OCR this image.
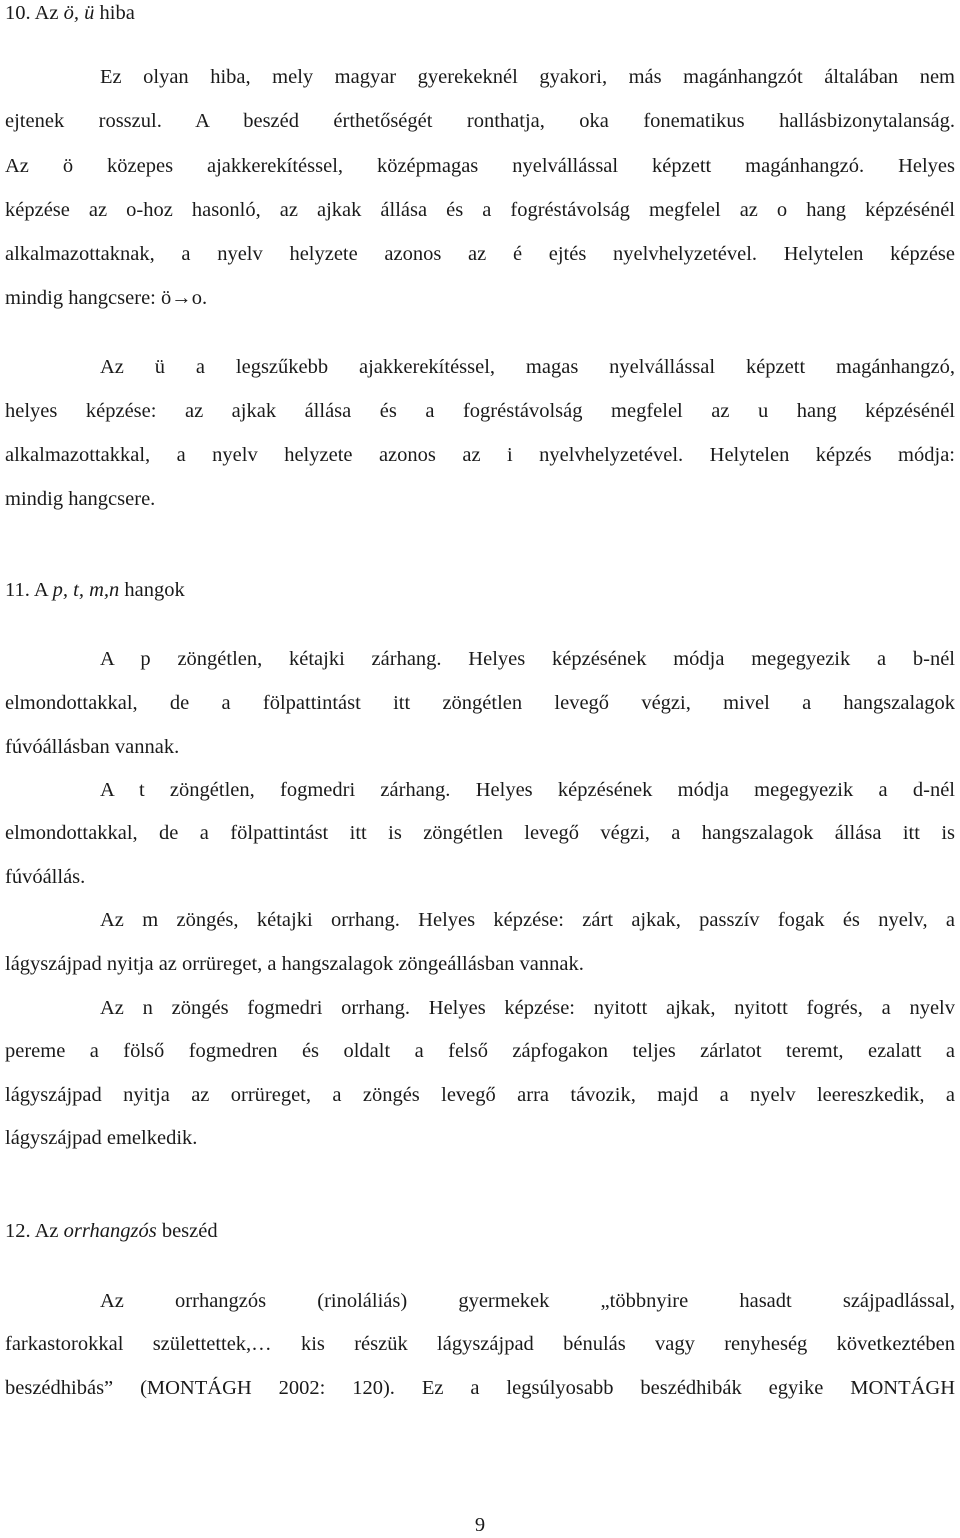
10. Az ö, ü hiba
Ez olyan hiba, mely magyar gyerekeknél gyakori, más magánhangzót általában nem
ejtenek rosszul. A beszéd érthetőségét ronthatja, oka fonematikus hallásbizonytalanság.
Az ö közepes ajakkerekítéssel, középmagas nyelvállással képzett magánhangzó. Helyes
képzése az o-hoz hasonló, az ajkak állása és a fogréstávolság megfelel az o hang képzésénél
alkalmazottaknak, a nyelv helyzete azonos az é ejtés nyelvhelyzetével. Helytelen képzése
mindig hangcsere: ö→o.
Az ü a legszűkebb ajakkerekítéssel, magas nyelvállással képzett magánhangzó,
helyes képzése: az ajkak állása és a fogréstávolság megfelel az u hang képzésénél
alkalmazottakkal, a nyelv helyzete azonos az i nyelvhelyzetével. Helytelen képzés módja:
mindig hangcsere.
11. A p, t, m,n hangok
A p zöngétlen, kétajki zárhang. Helyes képzésének módja megegyezik a b-nél
elmondottakkal, de a fölpattintást itt zöngétlen levegő végzi, mivel a hangszalagok
fúvóállásban vannak.
A t zöngétlen, fogmedri zárhang. Helyes képzésének módja megegyezik a d-nél
elmondottakkal, de a fölpattintást itt is zöngétlen levegő végzi, a hangszalagok állása itt is
fúvóállás.
Az m zöngés, kétajki orrhang. Helyes képzése: zárt ajkak, passzív fogak és nyelv, a
lágyszájpad nyitja az orrüreget, a hangszalagok zöngeállásban vannak.
Az n zöngés fogmedri orrhang. Helyes képzése: nyitott ajkak, nyitott fogrés, a nyelv
pereme a fölső fogmedren és oldalt a felső zápfogakon teljes zárlatot teremt, ezalatt a
lágyszájpad nyitja az orrüreget, a zöngés levegő arra távozik, majd a nyelv leereszkedik, a
lágyszájpad emelkedik.
12. Az orrhangzós beszéd
Az orrhangzós (rinoláliás) gyermekek „többnyire hasadt szájpadlással,
farkastorokkal születtettek,… kis részük lágyszájpad bénulás vagy renyheség következtében
beszédhibás” (MONTÁGH 2002: 120). Ez a legsúlyosabb beszédhibák egyike MONTÁGH
9
